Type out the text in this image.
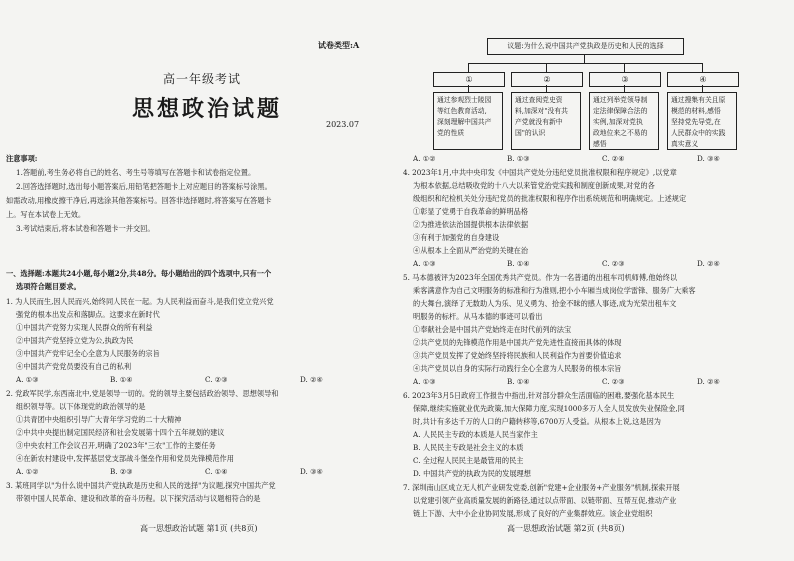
试卷类型:A
高一年级考试
思想政治试题
2023.07
注意事项:
1.答题前,考生务必将自己的姓名、考生号等填写在答题卡和试卷指定位置。
2.回答选择题时,选出每小题答案后,用铅笔把答题卡上对应题目的答案标号涂黑。
如需改动,用橡皮擦干净后,再选涂其他答案标号。回答非选择题时,将答案写在答题卡
上。写在本试卷上无效。
3.考试结束后,将本试卷和答题卡一并交回。
一、选择题:本题共24小题,每小题2分,共48分。每小题给出的四个选项中,只有一个
选项符合题目要求。
1. 为人民而生,因人民而兴,始终同人民在一起。为人民利益而奋斗,是我们党立党兴党
强党的根本出发点和落脚点。这要求在新时代
①中国共产党努力实现人民群众的所有利益
②中国共产党坚持立党为公,执政为民
③中国共产党牢记全心全意为人民服务的宗旨
④中国共产党党员要没有自己的私利
A. ①③	B. ①④	C. ②③	D. ②④
2. 党政军民学,东西南北中,党是领导一切的。党的领导主要包括政治领导、思想领导和
组织领导等。以下体现党的政治领导的是
①共青团中央组织引导广大青年学习党的二十大精神
②中共中央提出制定国民经济和社会发展第十四个五年规划的建议
③中央农村工作会议召开,明确了2023年"三农"工作的主要任务
④在新农村建设中,发挥基层党支部战斗堡垒作用和党员先锋模范作用
A. ①②	B. ②③	C. ①④	D. ③④
3. 某班同学以"为什么说中国共产党执政是历史和人民的选择"为议题,探究中国共产党
带领中国人民革命、建设和改革的奋斗历程。以下探究活动与议题相符合的是
高一思想政治试题 第1页 (共8页)
议题:为什么说中国共产党执政是历史和人民的选择
①	②	③	④
通过参观烈士陵园
等红色教育活动,
深刻理解中国共产
党的性质
通过查阅党史资
料,加深对"没有共
产党就没有新中
国"的认识
通过列举党领导制
定法律保障合法的
实例,加深对党执
政地位来之不易的
感悟
通过搜集有关且原
模范的材料,感悟
坚持党先导党,在
人民群众中的实践
真实意义
A. ①②	B. ①③	C. ②④	D. ③④
4. 2023年1月,中共中央印发《中国共产党处分违纪党员批准权限和程序规定》,以党章
为根本依据,总结吸收党的十八大以来管党治党实践和制度创新成果,对党的各
级组织和纪检机关处分违纪党员的批准权限和程序作出系统规范和明确规定。上述规定
①彰显了党勇于自我革命的鲜明品格
②为推进依法治国提供根本法律依据
③有利于加强党的自身建设
④从根本上全面从严治党的关键在治
A. ①③	B. ①④	C. ②③	D. ②④
5. 马本德被评为2023年全国优秀共产党员。作为一名普通的出租车司机师傅,他始终以
乘客满意作为自己文明服务的标准和行为准则,把小小车厢当成岗位学雷锋、服务广大乘客
的大舞台,演绎了无数助人为乐、见义勇为、拾金不昧的感人事迹,成为光荣出租车文
明服务的标杆。从马本德的事迹可以看出
①奉献社会是中国共产党始终走在时代前列的法宝
②共产党员的先锋模范作用是中国共产党先进性直接而具体的体现
③共产党员发挥了党始终坚持将民族和人民利益作为首要价值追求
④共产党员以自身的实际行动践行全心全意为人民服务的根本宗旨
A. ①③	B. ①④	C. ②③	D. ②④
6. 2023年3月5日政府工作报告中指出,针对部分群众生活面临的困难,要强化基本民生
保障,继续实施就业优先政策,加大保障力度,实现1000多万人全人员发放失业保险金,同
时,共计有多达千万的人口的户籍转移等,6700万人受益。从根本上说,这是因为
A. 人民民主专政的本质是人民当家作主
B. 人民民主专政是社会主义的本质
C. 全过程人民民主是最管用的民主
D. 中国共产党的执政为民的发展理想
7. 深圳南山区成立无人机产业研发党委,创新"党建+企业服务+产业服务"机制,探索开展
以党建引领产业高质量发展的新路径,通过以点带面、以链带面、互帮互促,推动产业
链上下游、大中小企业协同发展,形成了良好的产业集群效应。该企业党组织
高一思想政治试题 第2页 (共8页)
